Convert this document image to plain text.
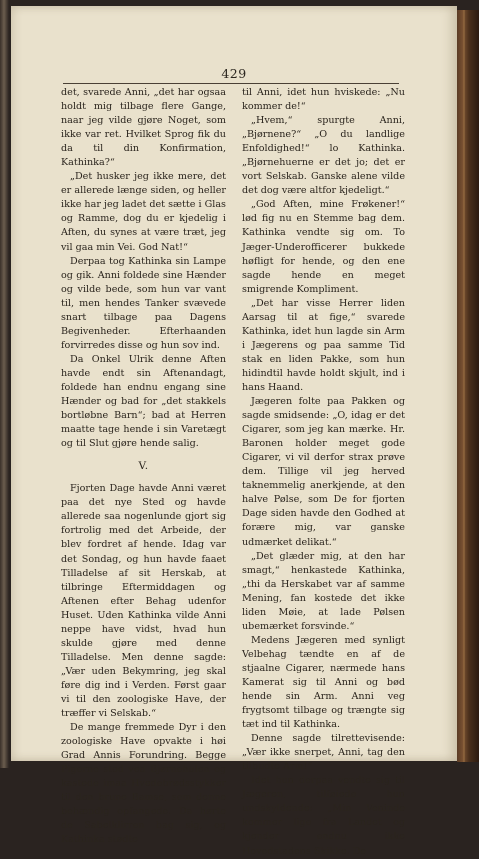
429

det, svarede Anni, „det har ogsaa holdt mig tilbage flere Gange, naar jeg vilde gjøre Noget, som ikke var ret. Hvilket Sprog fik du da til din Konfirmation, Kathinka?“

„Det husker jeg ikke mere, det er allerede længe siden, og heller ikke har jeg ladet det sætte i Glas og Ramme, dog du er kjedelig i Aften, du synes at være træt, jeg vil gaa min Vei. God Nat!“

Derpaa tog Kathinka sin Lampe og gik. Anni foldede sine Hænder og vilde bede, som hun var vant til, men hendes Tanker svævede snart tilbage paa Dagens Begivenheder. Efterhaanden forvirredes disse og hun sov ind.

Da Onkel Ulrik denne Aften havde endt sin Aftenandagt, foldede han endnu engang sine Hænder og bad for „det stakkels bortløbne Barn“; bad at Herren maatte tage hende i sin Varetægt og til Slut gjøre hende salig.

V.

Fjorten Dage havde Anni været paa det nye Sted og havde allerede saa nogenlunde gjort sig fortrolig med det Arbeide, der blev fordret af hende. Idag var det Sondag, og hun havde faaet Tilladelse af sit Herskab, at tilbringe Eftermiddagen og Aftenen efter Behag udenfor Huset. Uden Kathinka vilde Anni neppe have vidst, hvad hun skulde gjøre med denne Tilladelse. Men denne sagde: „Vær uden Bekymring, jeg skal føre dig ind i Verden. Først gaar vi til den zoologiske Have, der træffer vi Selskab.“

De mange fremmede Dyr i den zoologiske Have opvakte i høi Grad Annis Forundring. Begge Pigerne stod ved Bjørnehulen og kastede imaa Hvedebrødsstykker til den brune Bamse, som denne behændig opfangede. Da hørte de Sabelklirren bag sig, og Kathinka stødte

til Anni, idet hun hviskede: „Nu kommer de!“

„Hvem,“ spurgte Anni, „Bjørnene?“ „O du landlige Enfoldighed!“ lo Kathinka. „Bjørnehuerne er det jo; det er vort Selskab. Ganske alene vilde det dog være altfor kjedeligt.“

„God Aften, mine Frøkener!“ lød fig nu en Stemme bag dem. Kathinka vendte sig om. To Jæger-Underofficerer bukkede høfligt for hende, og den ene sagde hende en meget smigrende Kompliment.

„Det har visse Herrer liden Aarsag til at fige,“ svarede Kathinka, idet hun lagde sin Arm i Jægerens og paa samme Tid stak en liden Pakke, som hun hidindtil havde holdt skjult, ind i hans Haand.

Jægeren folte paa Pakken og sagde smidsende: „O, idag er det Cigarer, som jeg kan mærke. Hr. Baronen holder meget gode Cigarer, vi vil derfor strax prøve dem. Tillige vil jeg herved taknemmelig anerkjende, at den halve Pølse, som De for fjorten Dage siden havde den Godhed at forære mig, var ganske udmærket delikat.“

„Det glæder mig, at den har smagt,“ henkastede Kathinka, „thi da Herskabet var af samme Mening, fan kostede det ikke liden Møie, at lade Pølsen ubemærket forsvinde.“

Medens Jægeren med synligt Velbehag tændte en af de stjaalne Cigarer, nærmede hans Kamerat sig til Anni og bød hende sin Arm. Anni veg frygtsomt tilbage og trængte sig tæt ind til Kathinka.

Denne sagde tilrettevisende: „Vær ikke snerpet, Anni, tag den tilbudte Arm!“

Idet hun derpaa vendte sig til Jægeren, tilføiede hun undskyldende: „Min Veninde kommer lige fra Landet og kjender endnu ikke Hovedstadens Skikke. De
